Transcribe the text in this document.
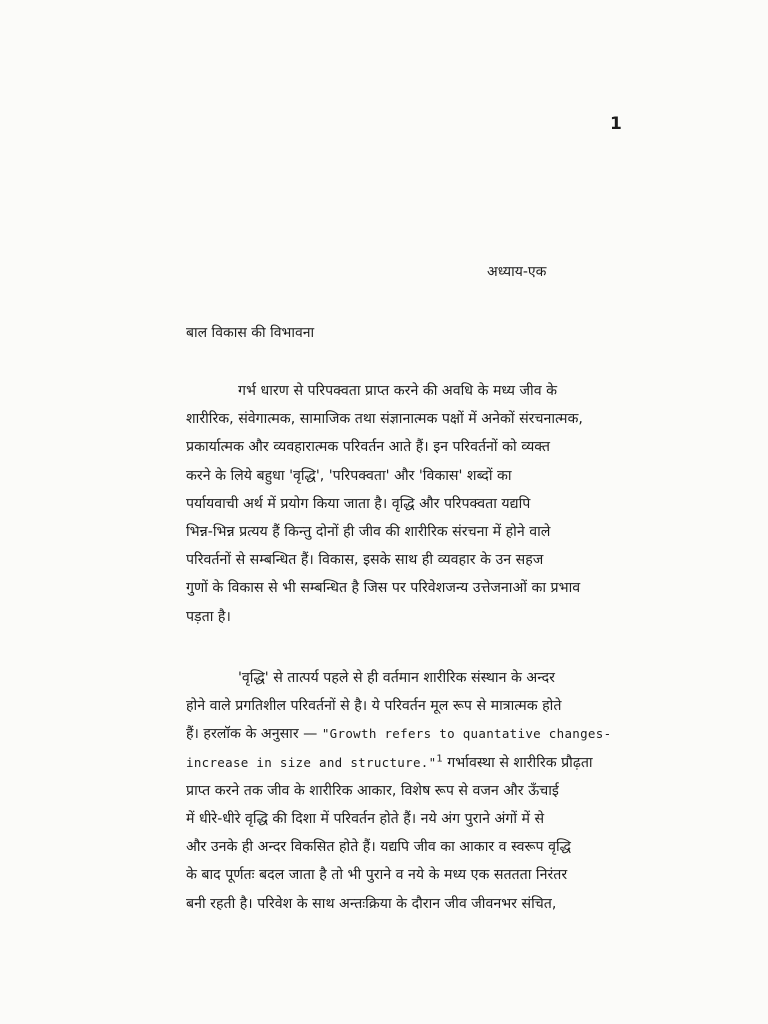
1
अध्याय-एक
बाल विकास की विभावना
गर्भ धारण से परिपक्वता प्राप्त करने की अवधि के मध्य जीव के
शारीरिक, संवेगात्मक, सामाजिक तथा संज्ञानात्मक पक्षों में अनेकों संरचनात्मक,
प्रकार्यात्मक और व्यवहारात्मक परिवर्तन आते हैं। इन परिवर्तनों को व्यक्त
करने के लिये बहुधा 'वृद्धि', 'परिपक्वता' और 'विकास' शब्दों का
पर्यायवाची अर्थ में प्रयोग किया जाता है। वृद्धि और परिपक्वता यद्यपि
भिन्न-भिन्न प्रत्यय हैं किन्तु दोनों ही जीव की शारीरिक संरचना में होने वाले
परिवर्तनों से सम्बन्धित हैं। विकास, इसके साथ ही व्यवहार के उन सहज
गुणों के विकास से भी सम्बन्धित है जिस पर परिवेशजन्य उत्तेजनाओं का प्रभाव
पड़ता है।
'वृद्धि' से तात्पर्य पहले से ही वर्तमान शारीरिक संस्थान के अन्दर
होने वाले प्रगतिशील परिवर्तनों से है। ये परिवर्तन मूल रूप से मात्रात्मक होते
हैं। हरलॉक के अनुसार — "Growth refers to quantative changes-
increase in size and structure."$^1$ गर्भावस्था से शारीरिक प्रौढ़ता
प्राप्त करने तक जीव के शारीरिक आकार, विशेष रूप से वजन और ऊँचाई
में धीरे-धीरे वृद्धि की दिशा में परिवर्तन होते हैं। नये अंग पुराने अंगों में से
और उनके ही अन्दर विकसित होते हैं। यद्यपि जीव का आकार व स्वरूप वृद्धि
के बाद पूर्णतः बदल जाता है तो भी पुराने व नये के मध्य एक सततता निरंतर
बनी रहती है। परिवेश के साथ अन्तःक्रिया के दौरान जीव जीवनभर संचित,
